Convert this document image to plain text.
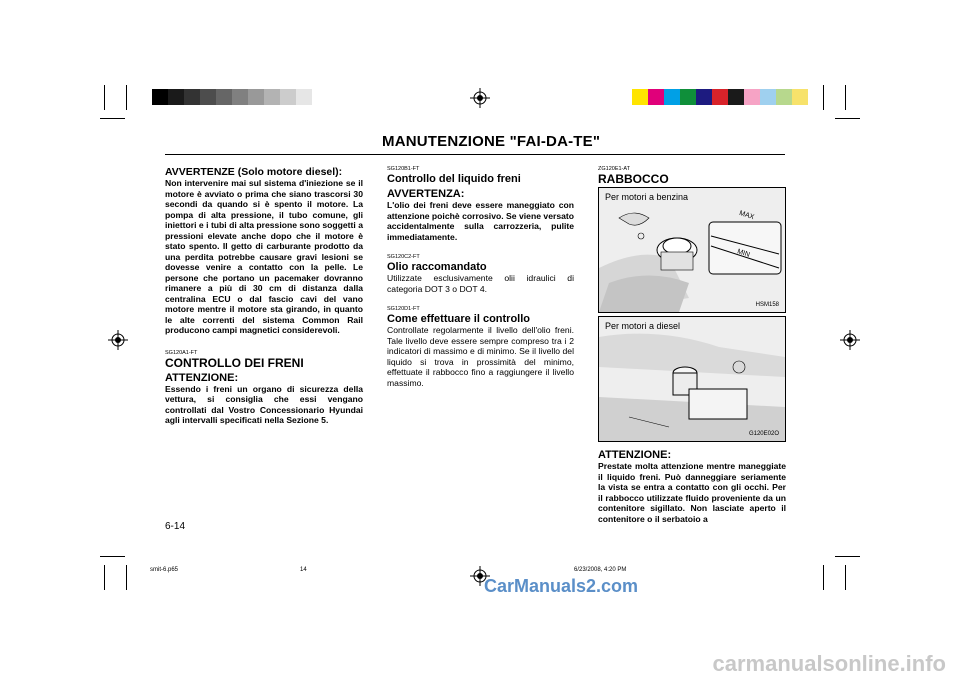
MANUTENZIONE "FAI-DA-TE"
AVVERTENZE (Solo motore diesel):
Non intervenire mai sul sistema d'iniezione se il motore è avviato o prima che siano trascorsi 30 secondi da quando si è spento il motore. La pompa di alta pressione, il tubo comune, gli iniettori e i tubi di alta pressione sono soggetti a pressioni elevate anche dopo che il motore è stato spento. Il getto di carburante prodotto da una perdita potrebbe causare gravi lesioni se dovesse venire a contatto con la pelle. Le persone che portano un pacemaker dovranno rimanere a più di 30 cm di distanza dalla centralina ECU o dal fascio cavi del vano motore mentre il motore sta girando, in quanto le alte correnti del sistema Common Rail producono campi magnetici considerevoli.
SG120A1-FT
CONTROLLO DEI FRENI
ATTENZIONE:
Essendo i freni un organo di sicurezza della vettura, si consiglia che essi vengano controllati dal Vostro Concessionario Hyundai agli intervalli specificati nella Sezione 5.
SG120B1-FT
Controllo del liquido freni
AVVERTENZA:
L'olio dei freni deve essere maneggiato con attenzione poichè corrosivo. Se viene versato accidentalmente sulla carrozzeria, pulite immediatamente.
SG120C2-FT
Olio raccomandato
Utilizzate esclusivamente olii idraulici di categoria DOT 3 o DOT 4.
SG120D1-FT
Come effettuare il controllo
Controllate regolarmente il livello dell'olio freni. Tale livello deve essere sempre compreso tra i 2 indicatori di massimo e di minimo. Se il livello del liquido si trova in prossimità del minimo, effettuate il rabbocco fino a raggiungere il livello massimo.
ZG120E1-AT
RABBOCCO
Per motori a benzina
MAX
MIN
HSM158
Per motori a diesel
G120E02O
ATTENZIONE:
Prestate molta attenzione mentre maneggiate il liquido freni. Può danneggiare seriamente la vista se entra a contatto con gli occhi. Per il rabbocco utilizzate fluido proveniente da un contenitore sigillato. Non lasciate aperto il contenitore o il serbatoio a
6-14
smit-6.p65	14	6/23/2008, 4:20 PM
CarManuals2.com
carmanualsonline.info
